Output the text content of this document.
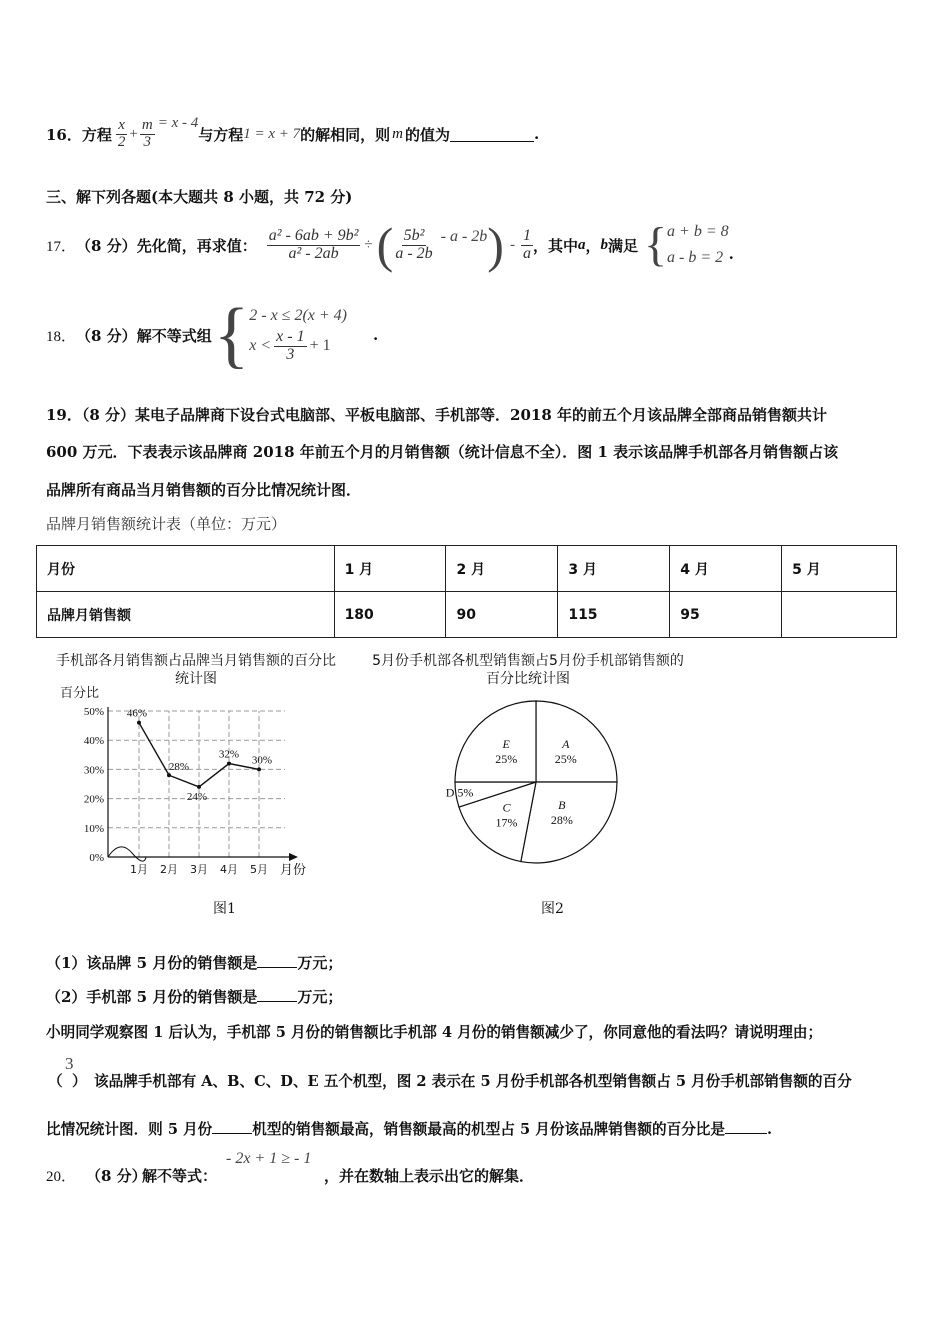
16． 方程 $\frac{x}{2} + \frac{m}{3} = x - 4$
与方程 1 = x + 7 的解相同，则 m 的值为	.
三、解下列各题(本大题共 8 小题，共 72 分)
17． （8 分） 先化简，再求值： $\frac{\text{a² - 6ab + 9b²}}{\text{a² - 2ab}}$ ÷ ( $\frac{\text{5b²}}{a - 2b}$ - a - 2b ) - $\frac{1}{a}$ ，其中 a ， b 满足 { a + b = 8
a - b = 2 .
18． （8 分） 解不等式组 { 2 - x ≤ 2(x + 4)
$x < \frac{x - 1}{3} + 1$
.
19．（8 分）某电子品牌商下设台式电脑部、平板电脑部、手机部等．2018 年的前五个月该品牌全部商品销售额共计
600 万元．下表表示该品牌商 2018 年前五个月的月销售额（统计信息不全）．图 1 表示该品牌手机部各月销售额占该
品牌所有商品当月销售额的百分比情况统计图．
品牌月销售额统计表（单位：万元）
月份	1 月	2 月	3 月	4 月	5 月
品牌月销售额	180	90	115	95	
手机部各月销售额占品牌当月销售额的百分比统计图
百分比
0%
10%
20%
30%
40%
50%
1月 2月 3月 4月 5月 月份
46%
28%
24%
32% 30%
图1
5月份手机部各机型销售额占5月份手机部销售额的百分比统计图
A
25%
B
28%
C
17%
D 5%
E
25%
图2
（1）该品牌 5 月份的销售额是	万元；
（2）手机部 5 月份的销售额是	万元；
小明同学观察图 1 后认为，手机部 5 月份的销售额比手机部 4 月份的销售额减少了，你同意他的看法吗？请说明理由；
（
3
） 该品牌手机部有 A、B、C、D、E 五个机型，图 2 表示在 5 月份手机部各机型销售额占 5 月份手机部销售额的百分
比情况统计图．则 5 月份	机型的销售额最高，销售额最高的机型占 5 月份该品牌销售额的百分比是	.
20． （8 分）
解不等式：
- 2x + 1 ≥ - 1
，并在数轴上表示出它的解集．
